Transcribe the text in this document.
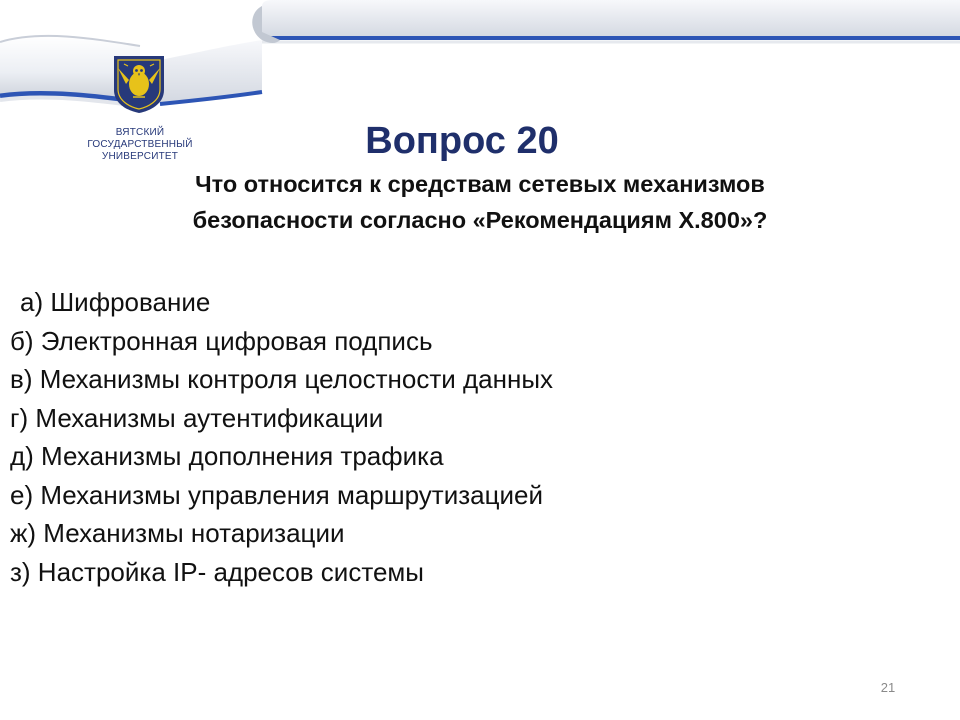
ВЯТСКИЙ
ГОСУДАРСТВЕННЫЙ
УНИВЕРСИТЕТ	Вопрос 20
Что относится к средствам сетевых механизмов
безопасности согласно «Рекомендациям Х.800»?
а) Шифрование
б) Электронная цифровая подпись
в) Механизмы контроля целостности данных
г) Механизмы аутентификации
д) Механизмы дополнения трафика
е) Механизмы управления маршрутизацией
ж) Механизмы нотаризации
з) Настройка IP- адресов системы
21
